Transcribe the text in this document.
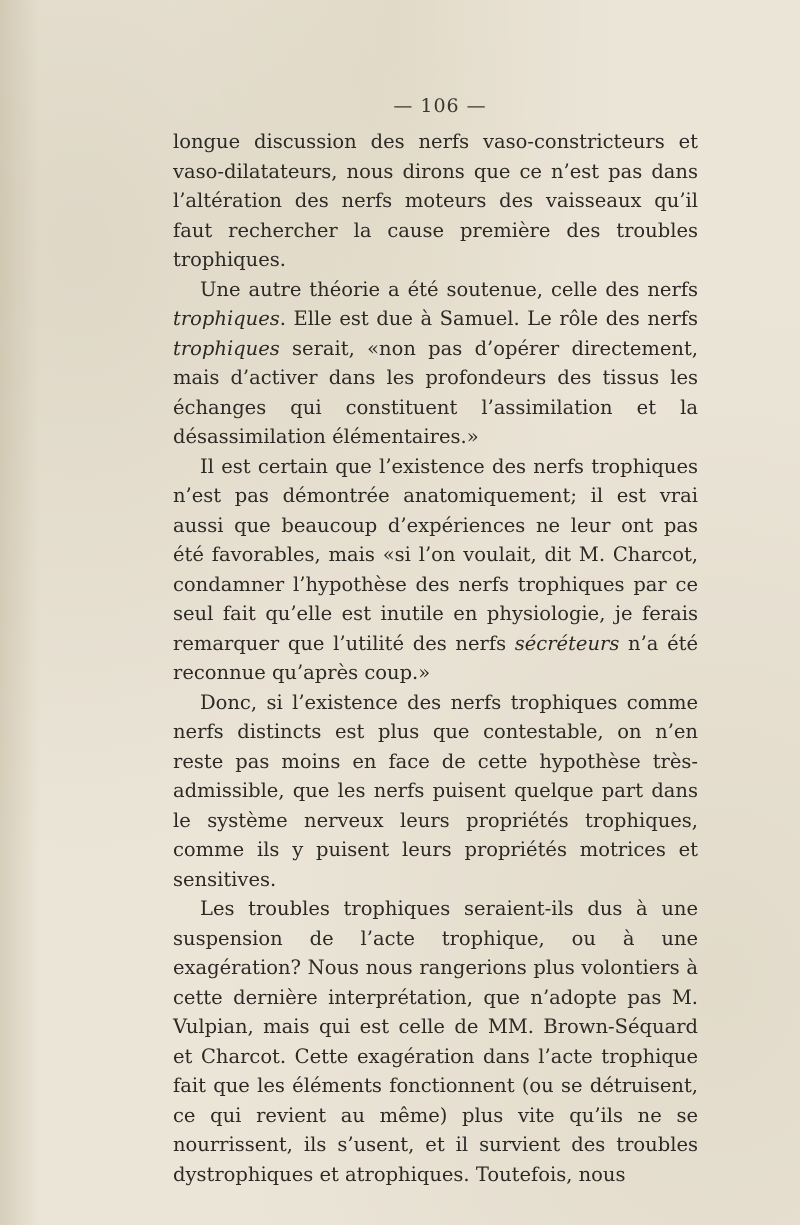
— 106 —

longue discussion des nerfs vaso-constricteurs et vaso-dilatateurs, nous dirons que ce n’est pas dans l’altération des nerfs moteurs des vaisseaux qu’il faut rechercher la cause première des troubles trophiques.

Une autre théorie a été soutenue, celle des nerfs trophiques. Elle est due à Samuel. Le rôle des nerfs trophiques serait, «non pas d’opérer directement, mais d’activer dans les profondeurs des tissus les échanges qui constituent l’assimilation et la désassimilation élémentaires.»

Il est certain que l’existence des nerfs trophiques n’est pas démontrée anatomiquement; il est vrai aussi que beaucoup d’expériences ne leur ont pas été favorables, mais «si l’on voulait, dit M. Charcot, condamner l’hypothèse des nerfs trophiques par ce seul fait qu’elle est inutile en physiologie, je ferais remarquer que l’utilité des nerfs sécréteurs n’a été reconnue qu’après coup.»

Donc, si l’existence des nerfs trophiques comme nerfs distincts est plus que contestable, on n’en reste pas moins en face de cette hypothèse très-admissible, que les nerfs puisent quelque part dans le système nerveux leurs propriétés trophiques, comme ils y puisent leurs propriétés motrices et sensitives.

Les troubles trophiques seraient-ils dus à une suspension de l’acte trophique, ou à une exagération? Nous nous rangerions plus volontiers à cette dernière interprétation, que n’adopte pas M. Vulpian, mais qui est celle de MM. Brown-Séquard et Charcot. Cette exagération dans l’acte trophique fait que les éléments fonctionnent (ou se détruisent, ce qui revient au même) plus vite qu’ils ne se nourrissent, ils s’usent, et il survient des troubles dystrophiques et atrophiques. Toutefois, nous
